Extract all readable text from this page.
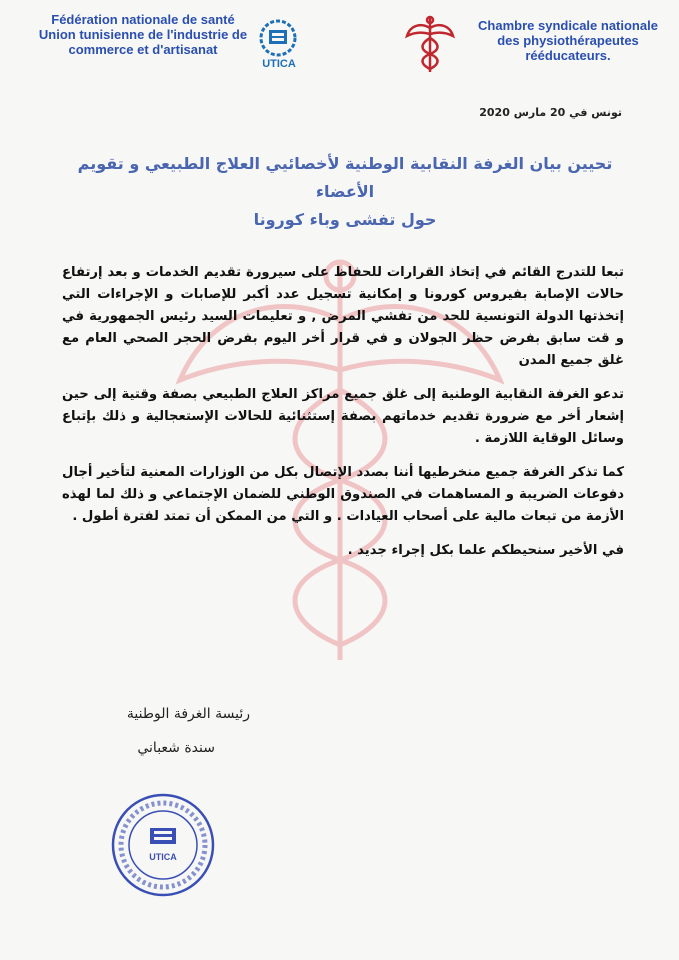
Fédération nationale de santé
Union tunisienne de l'industrie de
commerce et d'artisanat
UTICA
Chambre syndicale nationale
des physiothérapeutes
rééducateurs.
تونس في 20 مارس 2020
تحيين بيان الغرفة النقابية الوطنية لأخصائيي العلاج الطبيعي و تقويم الأعضاء
حول تفشى وباء كورونا

تبعا للتدرج القائم في إتخاذ القرارات للحفاظ على سيرورة تقديم الخدمات و بعد إرتفاع حالات الإصابة بفيروس كورونا و إمكانية تسجيل عدد أكبر للإصابات و الإجراءات التي إتخذتها الدولة التونسية للحد من تفشي المرض , و تعليمات السيد رئيس الجمهورية في و قت سابق بفرض حظر الجولان و في قرار أخر اليوم بفرض الحجر الصحي العام مع غلق جميع المدن

تدعو الغرفة النقابية الوطنية إلى غلق جميع مراكز العلاج الطبيعي بصفة وقتية إلى حين إشعار أخر مع ضرورة تقديم خدماتهم بصفة إستثنائية للحالات الإستعجالية و ذلك بإتباع وسائل الوقاية اللازمة .

كما تذكر الغرفة جميع منخرطيها أننا بصدد الإتصال بكل من الوزارات المعنية لتأخير أجال دفوعات الضريبة و المساهمات في الصندوق الوطني للضمان الإجتماعي و ذلك لما لهذه الأزمة من تبعات مالية على أصحاب العيادات . و التي من الممكن أن تمتد لفترة أطول .

في الأخير سنحيطكم علما بكل إجراء جديد .

رئيسة الغرفة الوطنية
سندة شعباني
UTICA
